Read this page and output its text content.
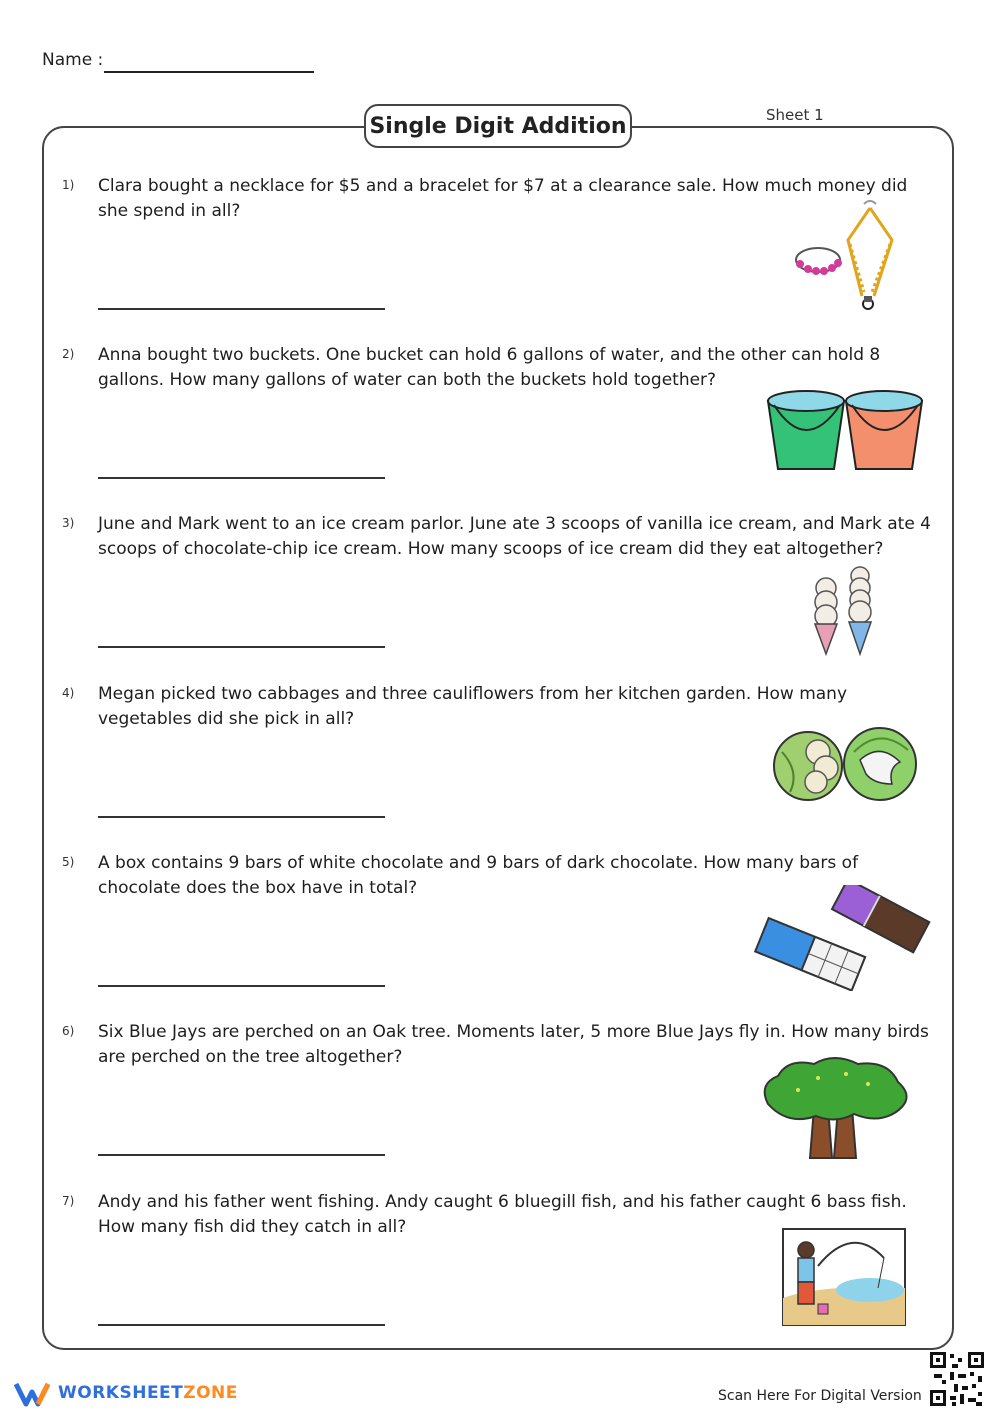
Name :
Single Digit Addition	Sheet 1
1) Clara bought a necklace for $5 and a bracelet for $7 at a clearance sale. How much money did she spend in all?
2) Anna bought two buckets. One bucket can hold 6 gallons of water, and the other can hold 8 gallons. How many gallons of water can both the buckets hold together?
3) June and Mark went to an ice cream parlor. June ate 3 scoops of vanilla ice cream, and Mark ate 4 scoops of chocolate-chip ice cream. How many scoops of ice cream did they eat altogether?
4) Megan picked two cabbages and three cauliflowers from her kitchen garden. How many vegetables did she pick in all?
5) A box contains 9 bars of white chocolate and 9 bars of dark chocolate. How many bars of chocolate does the box have in total?
6) Six Blue Jays are perched on an Oak tree. Moments later, 5 more Blue Jays fly in. How many birds are perched on the tree altogether?
7) Andy and his father went fishing. Andy caught 6 bluegill fish, and his father caught 6 bass fish. How many fish did they catch in all?
WORKSHEETZONE	Scan Here For Digital Version
